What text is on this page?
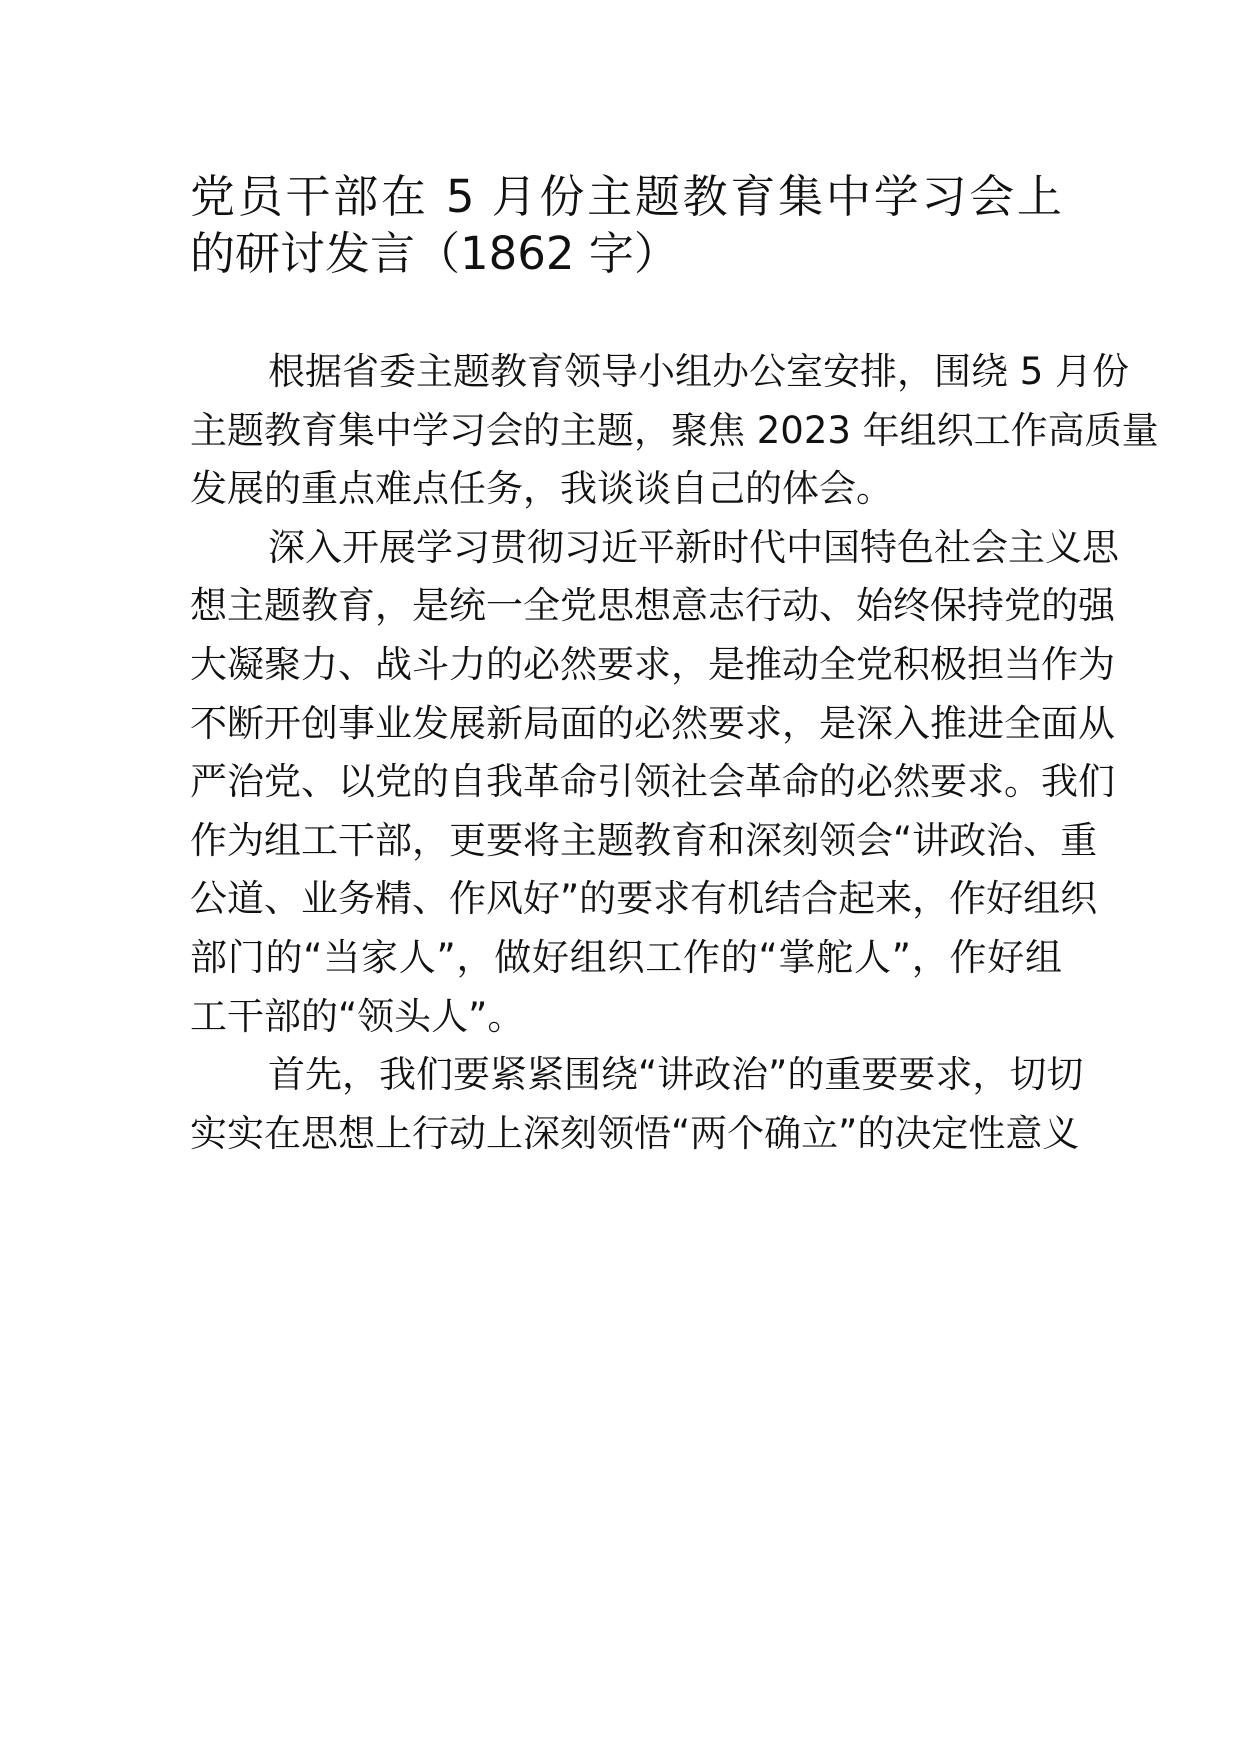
党员干部在 5 月份主题教育集中学习会上
的研讨发言（1862 字）
根据省委主题教育领导小组办公室安排，围绕 5 月份
主题教育集中学习会的主题，聚焦 2023 年组织工作高质量
发展的重点难点任务，我谈谈自己的体会。
深入开展学习贯彻习近平新时代中国特色社会主义思
想主题教育，是统一全党思想意志行动、始终保持党的强
大凝聚力、战斗力的必然要求，是推动全党积极担当作为
不断开创事业发展新局面的必然要求，是深入推进全面从
严治党、以党的自我革命引领社会革命的必然要求。我们
作为组工干部，更要将主题教育和深刻领会“讲政治、重
公道、业务精、作风好”的要求有机结合起来，作好组织
部门的“当家人”，做好组织工作的“掌舵人”，作好组
工干部的“领头人”。
首先，我们要紧紧围绕“讲政治”的重要要求，切切
实实在思想上行动上深刻领悟“两个确立”的决定性意义
